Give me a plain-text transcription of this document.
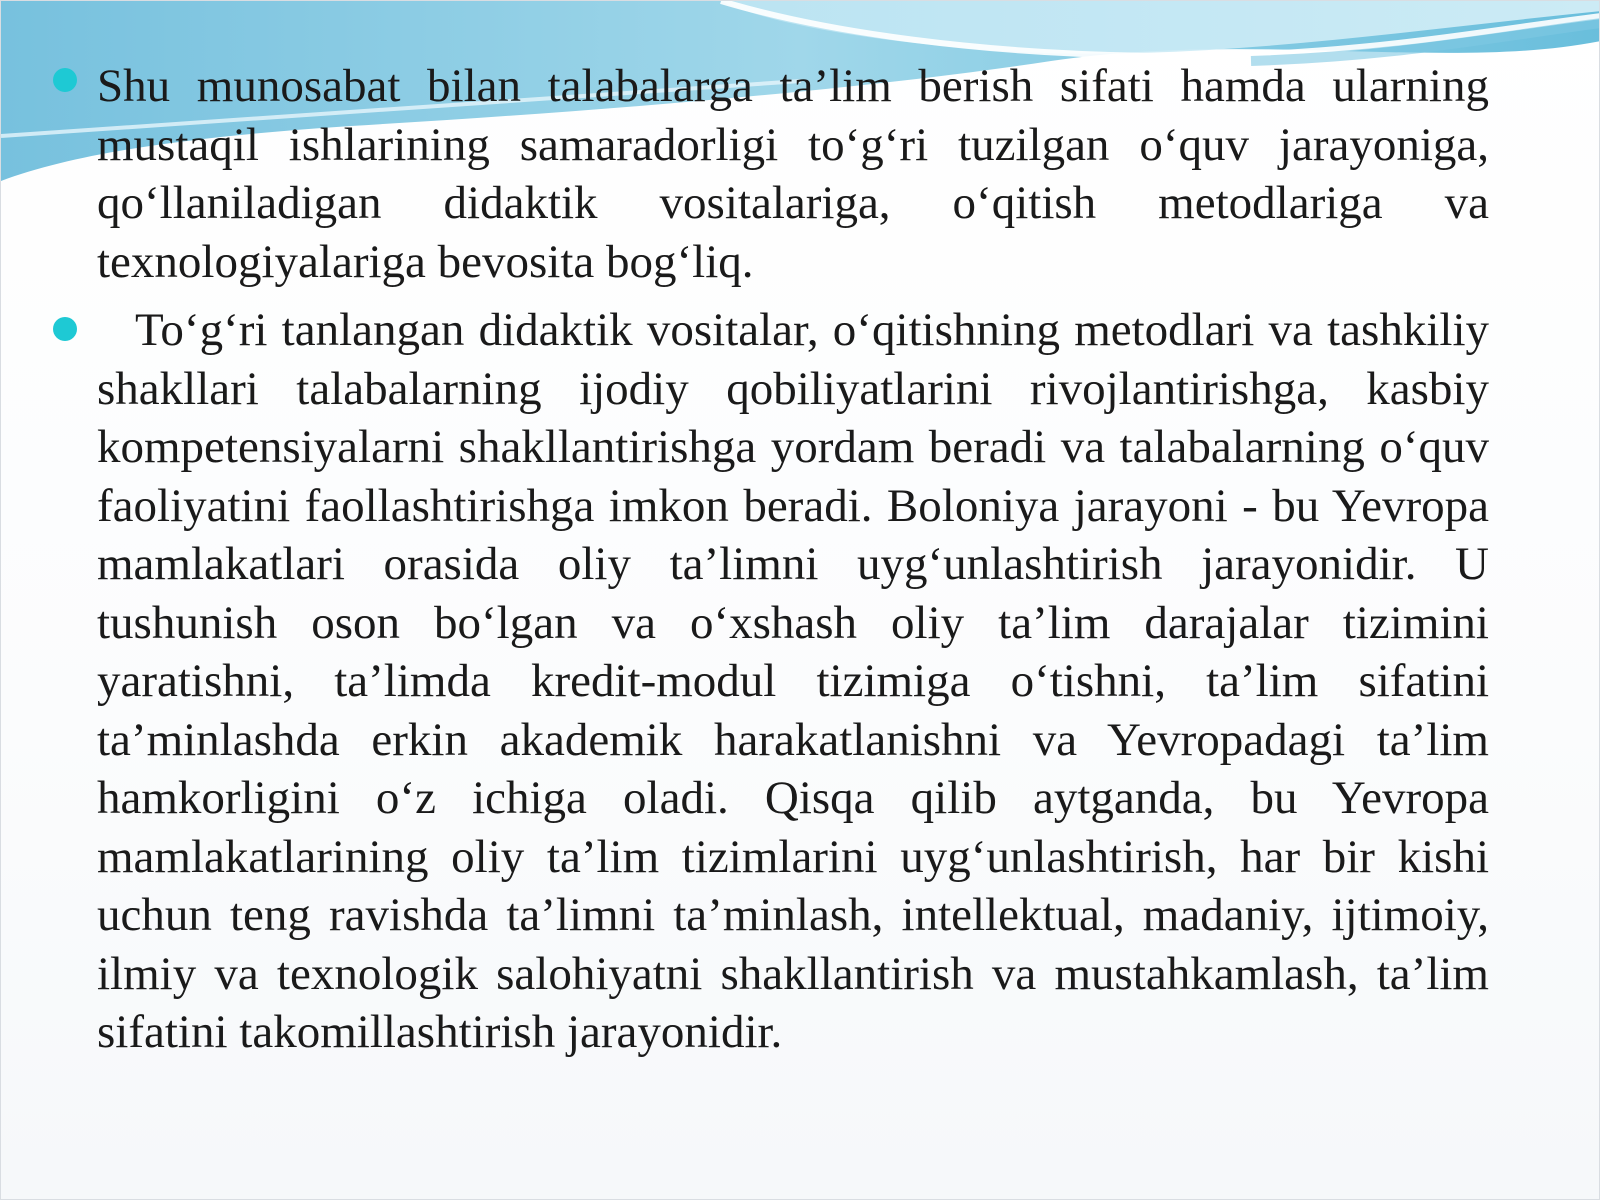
Shu munosabat bilan talabalarga ta’lim berish sifati hamda ularning mustaqil ishlarining samaradorligi to‘g‘ri tuzilgan o‘quv jarayoniga, qo‘llaniladigan didaktik vositalariga, o‘qitish metodlariga va texnologiyalariga bevosita bog‘liq.
To‘g‘ri tanlangan didaktik vositalar, o‘qitishning metodlari va tashkiliy shakllari talabalarning ijodiy qobiliyatlarini rivojlantirishga, kasbiy kompetensiyalarni shakllantirishga yordam beradi va talabalarning o‘quv faoliyatini faollashtirishga imkon beradi. Boloniya jarayoni - bu Yevropa mamlakatlari orasida oliy ta’limni uyg‘unlashtirish jarayonidir. U tushunish oson bo‘lgan va o‘xshash oliy ta’lim darajalar tizimini yaratishni, ta’limda kredit-modul tizimiga o‘tishni, ta’lim sifatini ta’minlashda erkin akademik harakatlanishni va Yevropadagi ta’lim hamkorligini o‘z ichiga oladi. Qisqa qilib aytganda, bu Yevropa mamlakatlarining oliy ta’lim tizimlarini uyg‘unlashtirish, har bir kishi uchun teng ravishda ta’limni ta’minlash, intellektual, madaniy, ijtimoiy, ilmiy va texnologik salohiyatni shakllantirish va mustahkamlash, ta’lim sifatini takomillashtirish jarayonidir.
